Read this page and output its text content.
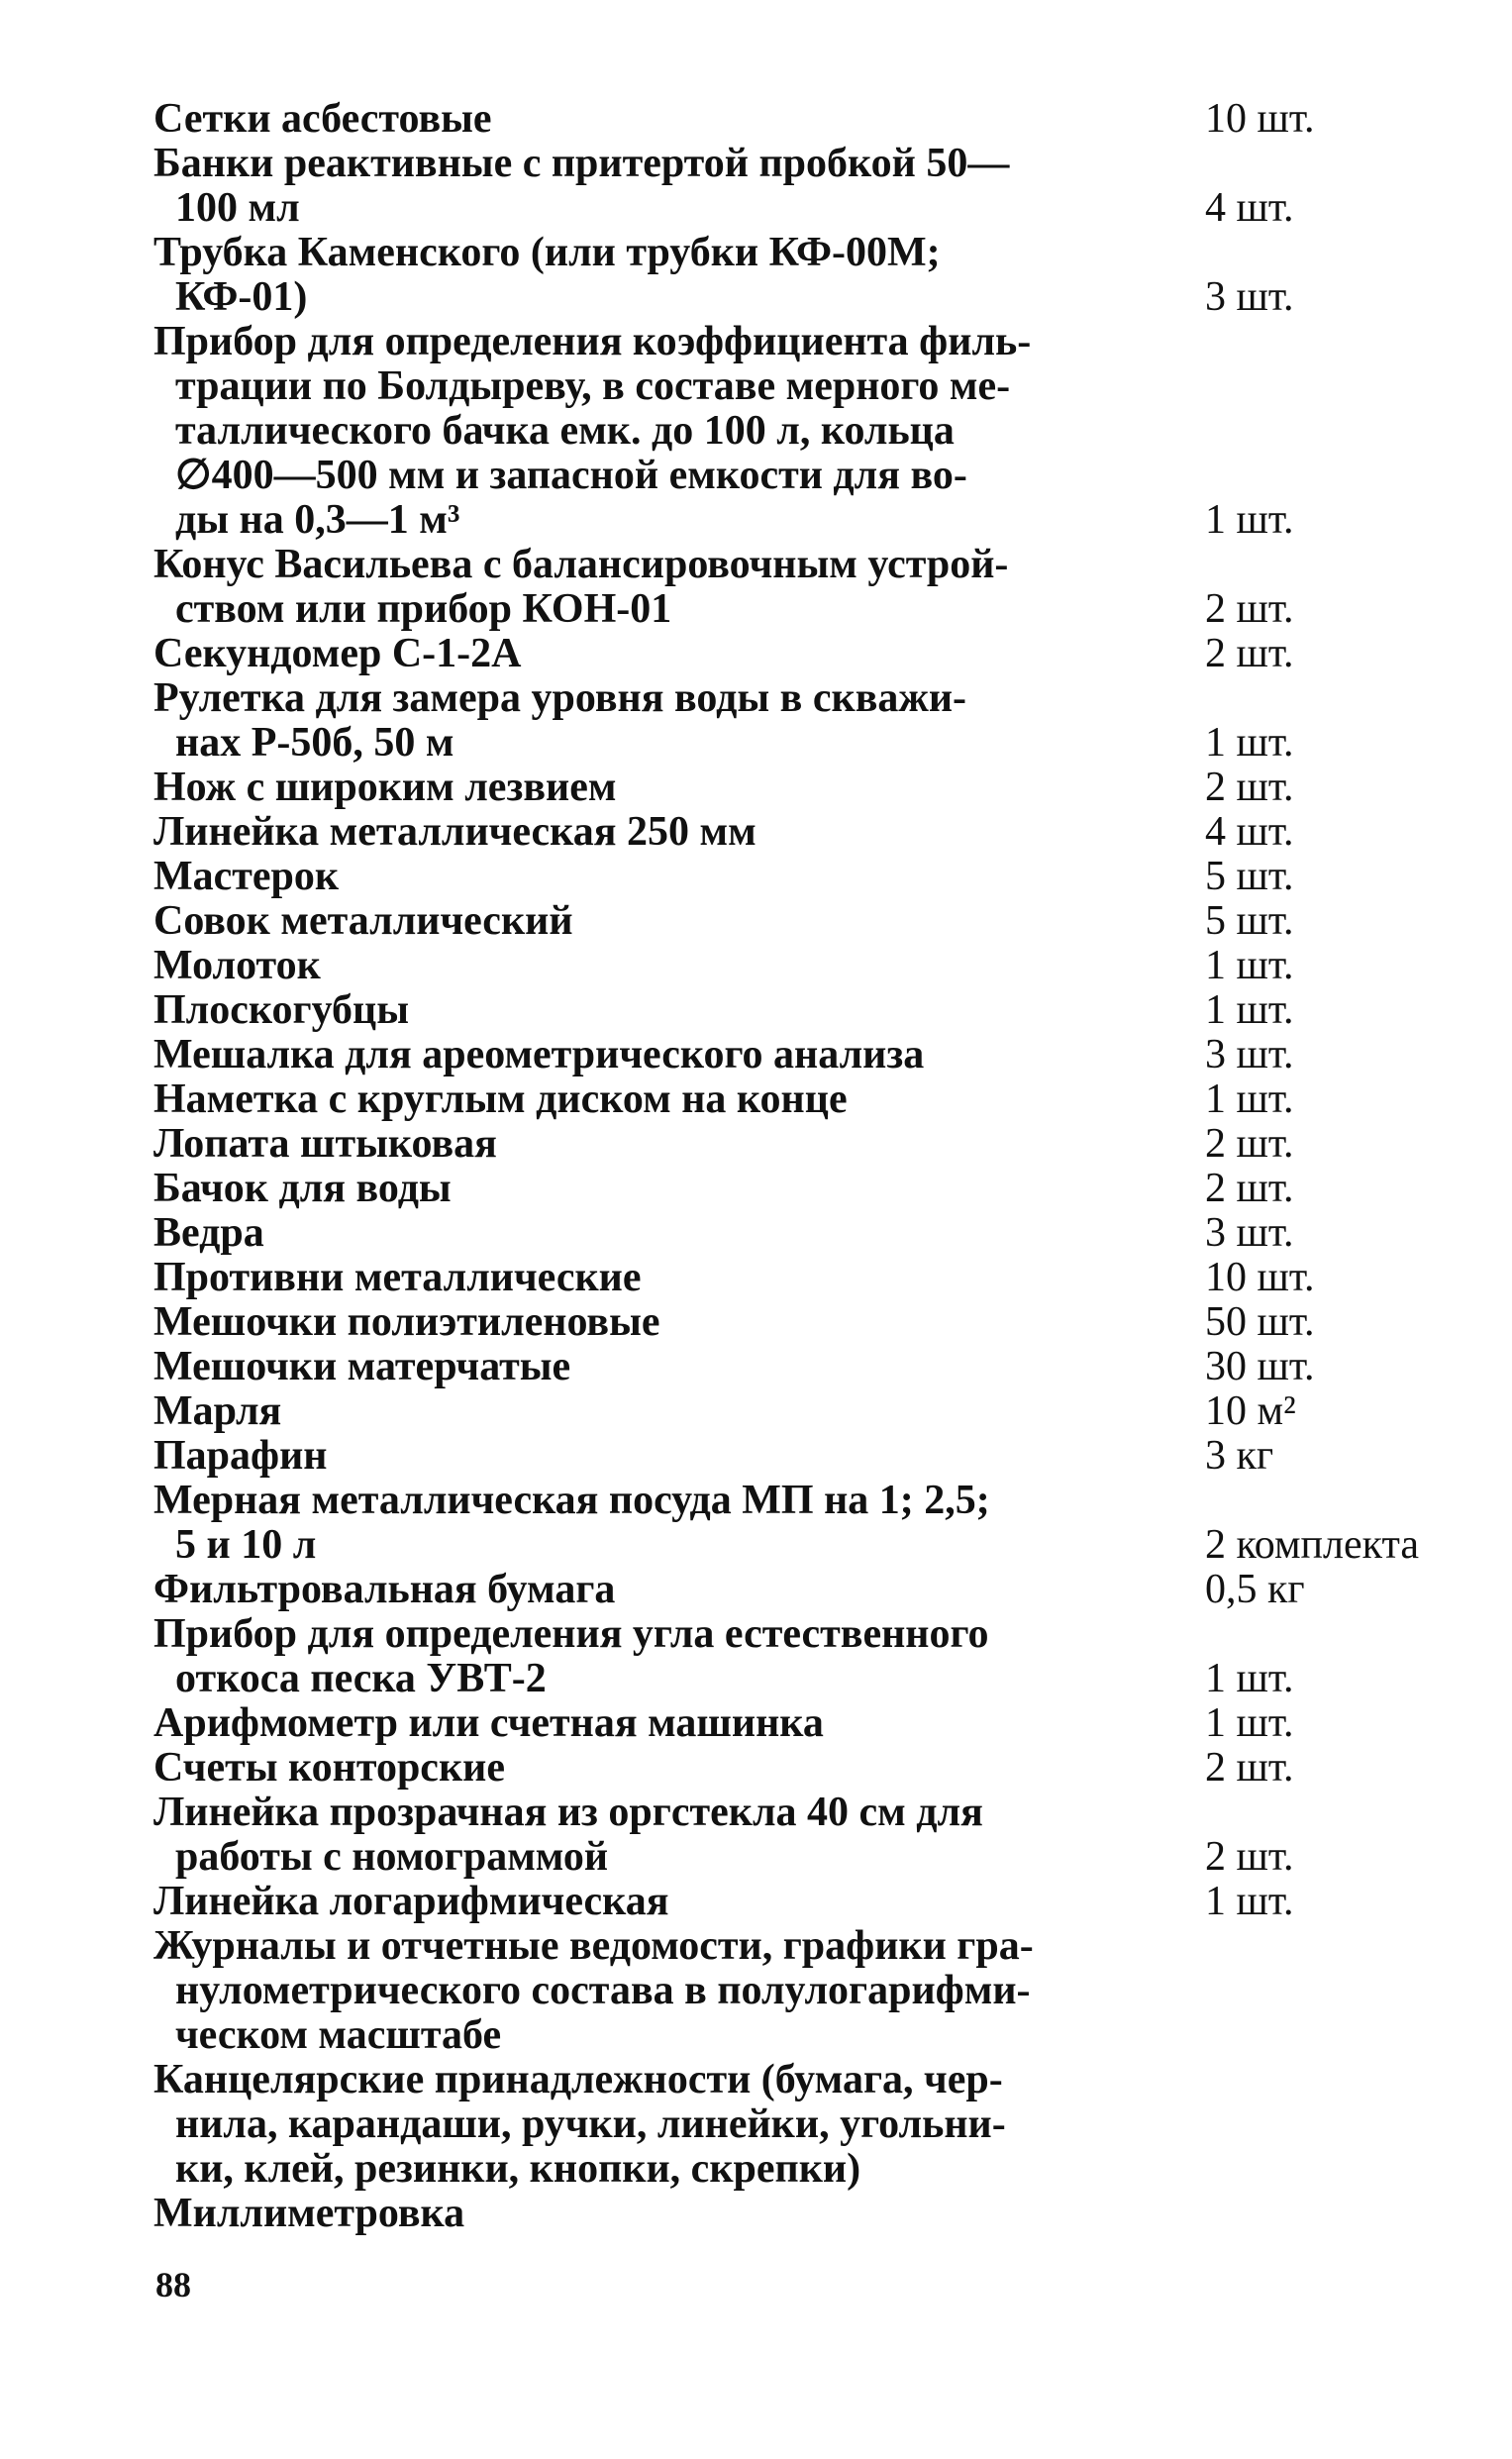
Сетки асбестовые	10 шт.
Банки реактивные с притертой пробкой 50—
100 мл	4 шт.
Трубка Каменского (или трубки КФ-00М;
КФ-01)	3 шт.
Прибор для определения коэффициента филь-
трации по Болдыреву, в составе мерного ме-
таллического бачка емк. до 100 л, кольца
∅400—500 мм и запасной емкости для во-
ды на 0,3—1 м³	1 шт.
Конус Васильева с балансировочным устрой-
ством или прибор КОН-01	2 шт.
Секундомер С-1-2А	2 шт.
Рулетка для замера уровня воды в скважи-
нах Р-50б, 50 м	1 шт.
Нож с широким лезвием	2 шт.
Линейка металлическая 250 мм	4 шт.
Мастерок	5 шт.
Совок металлический	5 шт.
Молоток	1 шт.
Плоскогубцы	1 шт.
Мешалка для ареометрического анализа	3 шт.
Наметка с круглым диском на конце	1 шт.
Лопата штыковая	2 шт.
Бачок для воды	2 шт.
Ведра	3 шт.
Противни металлические	10 шт.
Мешочки полиэтиленовые	50 шт.
Мешочки матерчатые	30 шт.
Марля	10 м²
Парафин	3 кг
Мерная металлическая посуда МП на 1; 2,5;
5 и 10 л	2 комплекта
Фильтровальная бумага	0,5 кг
Прибор для определения угла естественного
откоса песка УВТ-2	1 шт.
Арифмометр или счетная машинка	1 шт.
Счеты конторские	2 шт.
Линейка прозрачная из оргстекла 40 см для
работы с номограммой	2 шт.
Линейка логарифмическая	1 шт.
Журналы и отчетные ведомости, графики гра-
нулометрического состава в полулогарифми-
ческом масштабе
Канцелярские принадлежности (бумага, чер-
нила, карандаши, ручки, линейки, угольни-
ки, клей, резинки, кнопки, скрепки)
Миллиметровка
88
